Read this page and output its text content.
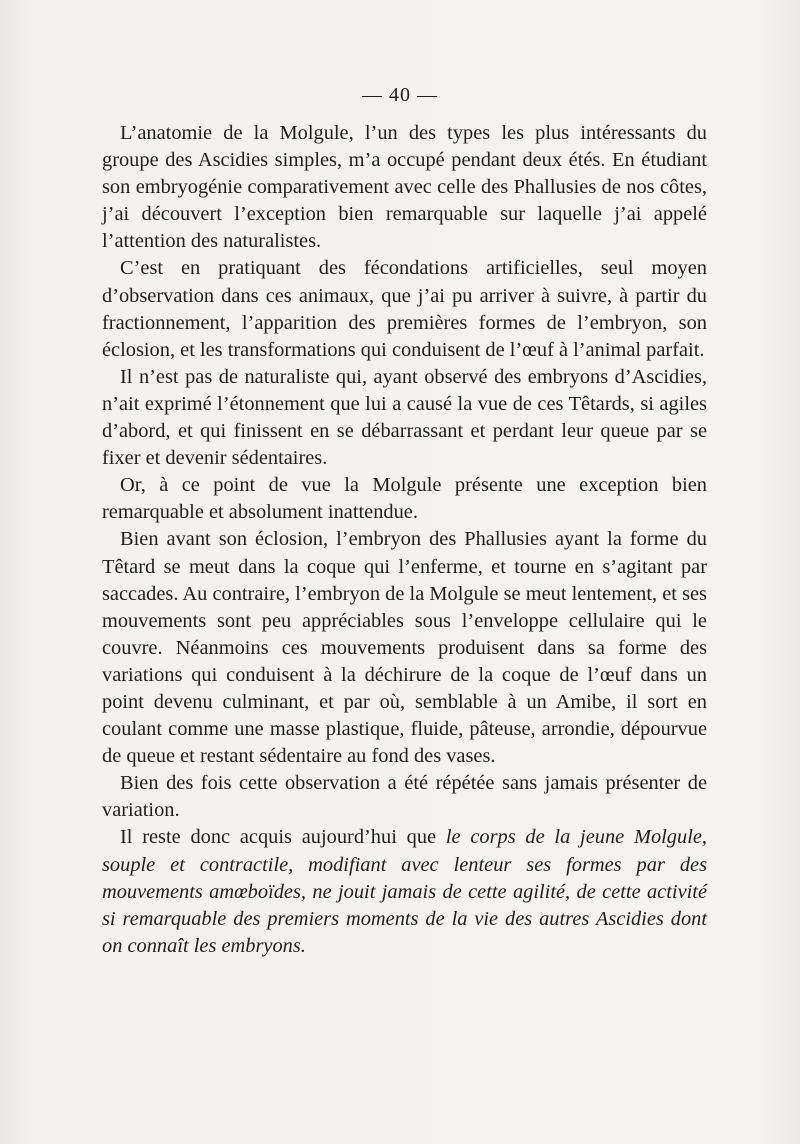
— 40 —

L’anatomie de la Molgule, l’un des types les plus intéressants du groupe des Ascidies simples, m’a occupé pendant deux étés. En étudiant son embryogénie comparativement avec celle des Phallusies de nos côtes, j’ai découvert l’exception bien remarquable sur laquelle j’ai appelé l’attention des naturalistes.

C’est en pratiquant des fécondations artificielles, seul moyen d’observation dans ces animaux, que j’ai pu arriver à suivre, à partir du fractionnement, l’apparition des premières formes de l’embryon, son éclosion, et les transformations qui conduisent de l’œuf à l’animal parfait.

Il n’est pas de naturaliste qui, ayant observé des embryons d’Ascidies, n’ait exprimé l’étonnement que lui a causé la vue de ces Têtards, si agiles d’abord, et qui finissent en se débarrassant et perdant leur queue par se fixer et devenir sédentaires.

Or, à ce point de vue la Molgule présente une exception bien remarquable et absolument inattendue.

Bien avant son éclosion, l’embryon des Phallusies ayant la forme du Têtard se meut dans la coque qui l’enferme, et tourne en s’agitant par saccades. Au contraire, l’embryon de la Molgule se meut lentement, et ses mouvements sont peu appréciables sous l’enveloppe cellulaire qui le couvre. Néanmoins ces mouvements produisent dans sa forme des variations qui conduisent à la déchirure de la coque de l’œuf dans un point devenu culminant, et par où, semblable à un Amibe, il sort en coulant comme une masse plastique, fluide, pâteuse, arrondie, dépourvue de queue et restant sédentaire au fond des vases.

Bien des fois cette observation a été répétée sans jamais présenter de variation.

Il reste donc acquis aujourd’hui que le corps de la jeune Molgule, souple et contractile, modifiant avec lenteur ses formes par des mouvements amœboïdes, ne jouit jamais de cette agilité, de cette activité si remarquable des premiers moments de la vie des autres Ascidies dont on connaît les embryons.
